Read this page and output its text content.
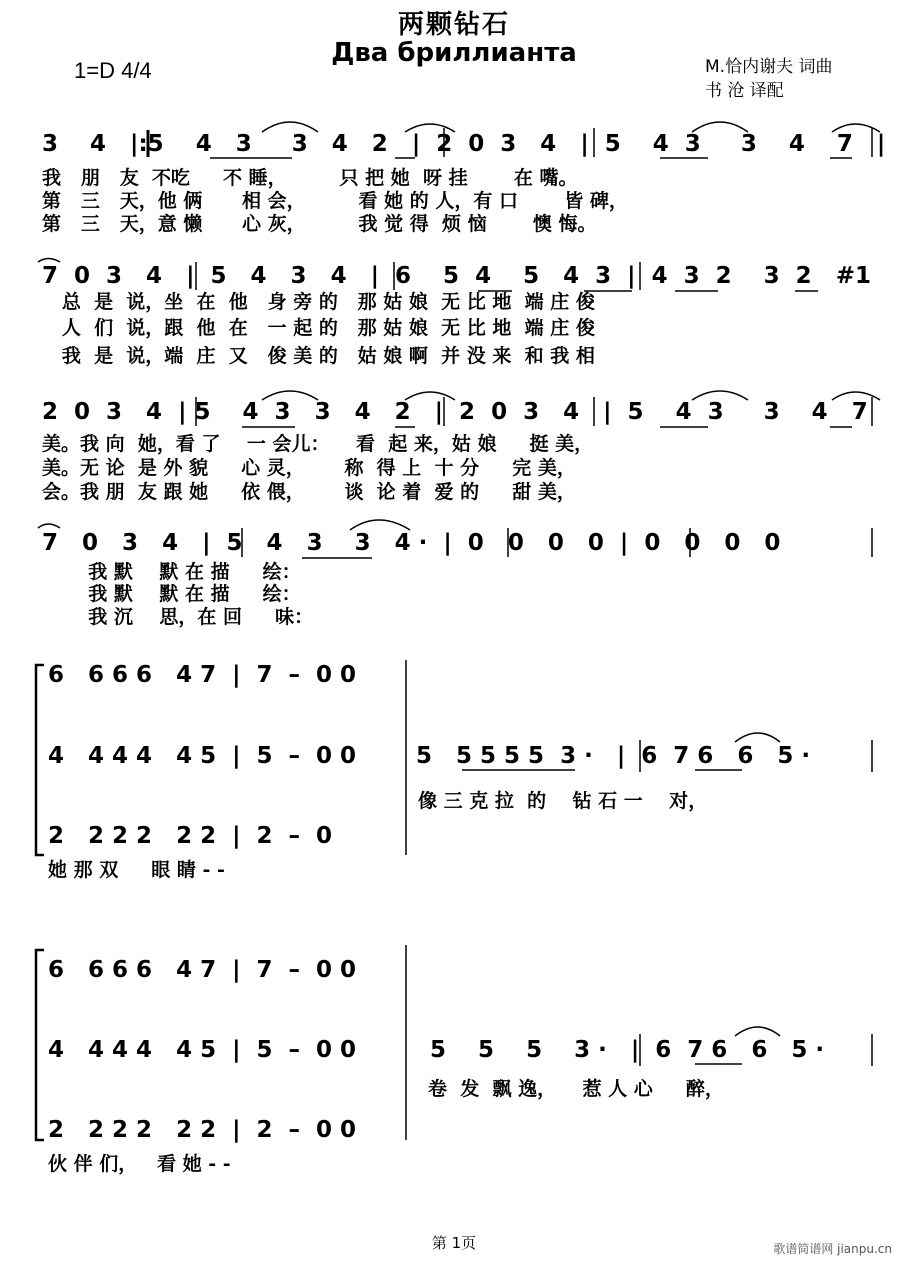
两颗钻石
Два бриллианта
1=D 4/4	M.恰内谢夫 词曲
书 沧 译配
3    4   |:5    4   3     3   4   2   |  2  0  3   4   |  5    4  3     3    4    7   |
我   朋   友  不吃     不 睡，        只 把 她  呀 挂       在 嘴。
第   三   天，他 俩      相 会，        看 她 的 人，有 口       皆 碑，
第   三   天，意 懒      心 灰，        我 觉 得  烦 恼       懊 悔。
7  0  3   4   |  5   4   3   4   |  6    5  4    5   4  3  |  4  3  2    3  2   #1
总  是  说，坐  在  他   身 旁 的   那 姑 娘  无 比 地  端 庄 俊
人  们  说，跟  他  在   一 起 的   那 姑 娘  无 比 地  端 庄 俊
我  是  说，端  庄  又   俊 美 的   姑 娘 啊  并 没 来  和 我 相
2  0  3   4  | 5    4  3   3   4   2   |  2  0  3   4   |  5    4  3     3    4   7
美。我 向  她，看 了    一 会儿：    看  起 来，姑 娘     挺 美，
美。无 论  是 外 貌     心 灵，      称  得 上  十 分     完 美，
会。我 朋  友 跟 她     依 偎，      谈  论 着  爱 的     甜 美，
7   0   3   4   |  5   4   3    3   4 ·  |  0   0   0   0  |  0   0   0   0
我 默    默 在 描     绘：
我 默    默 在 描     绘：
我 沉    思，在 回     味：
6   6 6 6   4 7  |  7  –  0 0
4   4 4 4   4 5  |  5  –  0 0	5   5 5 5 5  3 ·   |  6  7 6   6   5 ·
像 三 克 拉  的    钻 石 一    对，
2   2 2 2   2 2  |  2  –  0
她 那 双     眼 睛 - -
6   6 6 6   4 7  |  7  –  0 0
4   4 4 4   4 5  |  5  –  0 0	5    5    5    3 ·   |  6  7 6   6   5 ·
卷  发  飘 逸，    惹 人 心     醉，
2   2 2 2   2 2  |  2  –  0 0
伙 伴 们，   看 她 - -
第 1页	歌谱简谱网 jianpu.cn
